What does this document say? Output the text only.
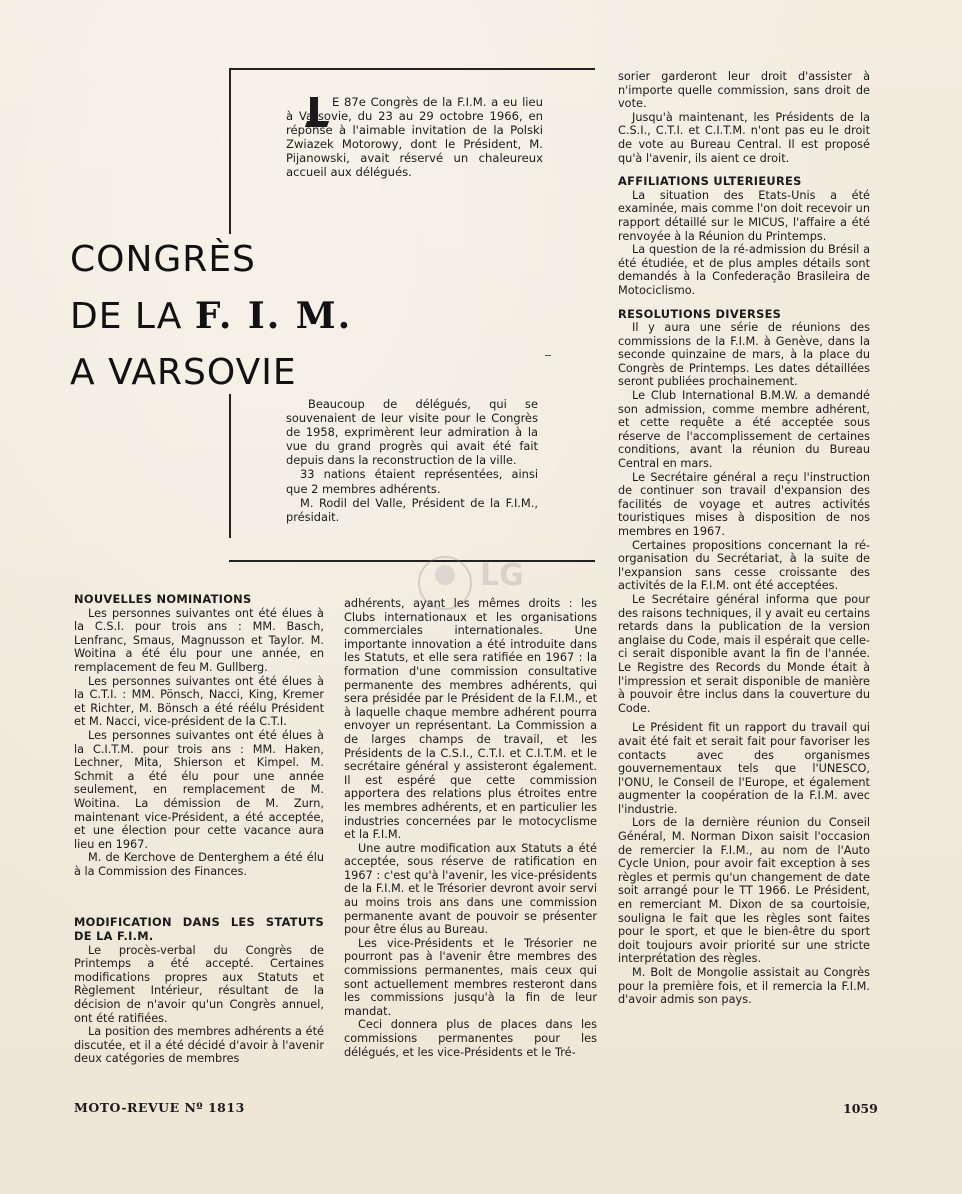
E 87e Congrès de la F.I.M. a eu lieu à Varsovie, du 23 au 29 octobre 1966, en réponse à l'aimable invitation de la Polski Zwiazek Motorowy, dont le Président, M. Pijanowski, avait réservé un chaleureux accueil aux délégués.
CONGRÈS
DE LA F. I. M.
A VARSOVIE

Beaucoup de délégués, qui se souvenaient de leur visite pour le Congrès de 1958, exprimèrent leur admiration à la vue du grand progrès qui avait été fait depuis dans la reconstruction de la ville.

33 nations étaient représentées, ainsi que 2 membres adhérents.

M. Rodil del Valle, Président de la F.I.M., présidait.

LG
NOUVELLES NOMINATIONS

Les personnes suivantes ont été élues à la C.S.I. pour trois ans : MM. Basch, Lenfranc, Smaus, Magnusson et Taylor. M. Woitina a été élu pour une année, en remplacement de feu M. Gullberg.

Les personnes suivantes ont été élues à la C.T.I. : MM. Pönsch, Nacci, King, Kremer et Richter, M. Bönsch a été réélu Président et M. Nacci, vice-président de la C.T.I.

Les personnes suivantes ont été élues à la C.I.T.M. pour trois ans : MM. Haken, Lechner, Mita, Shierson et Kimpel. M. Schmit a été élu pour une année seulement, en remplacement de M. Woitina. La démission de M. Zurn, maintenant vice-Président, a été acceptée, et une élection pour cette vacance aura lieu en 1967.

M. de Kerchove de Denterghem a été élu à la Commission des Finances.

MODIFICATION DANS LES STATUTS DE LA F.I.M.

Le procès-verbal du Congrès de Printemps a été accepté. Certaines modifications propres aux Statuts et Règlement Intérieur, résultant de la décision de n'avoir qu'un Congrès annuel, ont été ratifiées.

La position des membres adhérents a été discutée, et il a été décidé d'avoir à l'avenir deux catégories de membres

adhérents, ayant les mêmes droits : les Clubs internationaux et les organisations commerciales internationales. Une importante innovation a été introduite dans les Statuts, et elle sera ratifiée en 1967 : la formation d'une commission consultative permanente des membres adhérents, qui sera présidée par le Président de la F.I.M., et à laquelle chaque membre adhérent pourra envoyer un représentant. La Commission a de larges champs de travail, et les Présidents de la C.S.I., C.T.I. et C.I.T.M. et le secrétaire général y assisteront également. Il est espéré que cette commission apportera des relations plus étroites entre les membres adhérents, et en particulier les industries concernées par le motocyclisme et la F.I.M.

Une autre modification aux Statuts a été acceptée, sous réserve de ratification en 1967 : c'est qu'à l'avenir, les vice-présidents de la F.I.M. et le Trésorier devront avoir servi au moins trois ans dans une commission permanente avant de pouvoir se présenter pour être élus au Bureau.

Les vice-Présidents et le Trésorier ne pourront pas à l'avenir être membres des commissions permanentes, mais ceux qui sont actuellement membres resteront dans les commissions jusqu'à la fin de leur mandat.

Ceci donnera plus de places dans les commissions permanentes pour les délégués, et les vice-Présidents et le Tré-

sorier garderont leur droit d'assister à n'importe quelle commission, sans droit de vote.

Jusqu'à maintenant, les Présidents de la C.S.I., C.T.I. et C.I.T.M. n'ont pas eu le droit de vote au Bureau Central. Il est proposé qu'à l'avenir, ils aient ce droit.

AFFILIATIONS ULTERIEURES

La situation des Etats-Unis a été examinée, mais comme l'on doit recevoir un rapport détaillé sur le MICUS, l'affaire a été renvoyée à la Réunion du Printemps.

La question de la ré-admission du Brésil a été étudiée, et de plus amples détails sont demandés à la Confederação Brasileira de Motociclismo.

RESOLUTIONS DIVERSES

Il y aura une série de réunions des commissions de la F.I.M. à Genève, dans la seconde quinzaine de mars, à la place du Congrès de Printemps. Les dates détaillées seront publiées prochainement.

Le Club International B.M.W. a demandé son admission, comme membre adhérent, et cette requête a été acceptée sous réserve de l'accomplissement de certaines conditions, avant la réunion du Bureau Central en mars.

Le Secrétaire général a reçu l'instruction de continuer son travail d'expansion des facilités de voyage et autres activités touristiques mises à disposition de nos membres en 1967.

Certaines propositions concernant la ré-organisation du Secrétariat, à la suite de l'expansion sans cesse croissante des activités de la F.I.M. ont été acceptées.

Le Secrétaire général informa que pour des raisons techniques, il y avait eu certains retards dans la publication de la version anglaise du Code, mais il espérait que celle-ci serait disponible avant la fin de l'année. Le Registre des Records du Monde était à l'impression et serait disponible de manière à pouvoir être inclus dans la couverture du Code.

Le Président fit un rapport du travail qui avait été fait et serait fait pour favoriser les contacts avec des organismes gouvernementaux tels que l'UNESCO, l'ONU, le Conseil de l'Europe, et également augmenter la coopération de la F.I.M. avec l'industrie.

Lors de la dernière réunion du Conseil Général, M. Norman Dixon saisit l'occasion de remercier la F.I.M., au nom de l'Auto Cycle Union, pour avoir fait exception à ses règles et permis qu'un changement de date soit arrangé pour le TT 1966. Le Président, en remerciant M. Dixon de sa courtoisie, souligna le fait que les règles sont faites pour le sport, et que le bien-être du sport doit toujours avoir priorité sur une stricte interprétation des règles.

M. Bolt de Mongolie assistait au Congrès pour la première fois, et il remercia la F.I.M. d'avoir admis son pays.

MOTO-REVUE Nº 1813	1059
